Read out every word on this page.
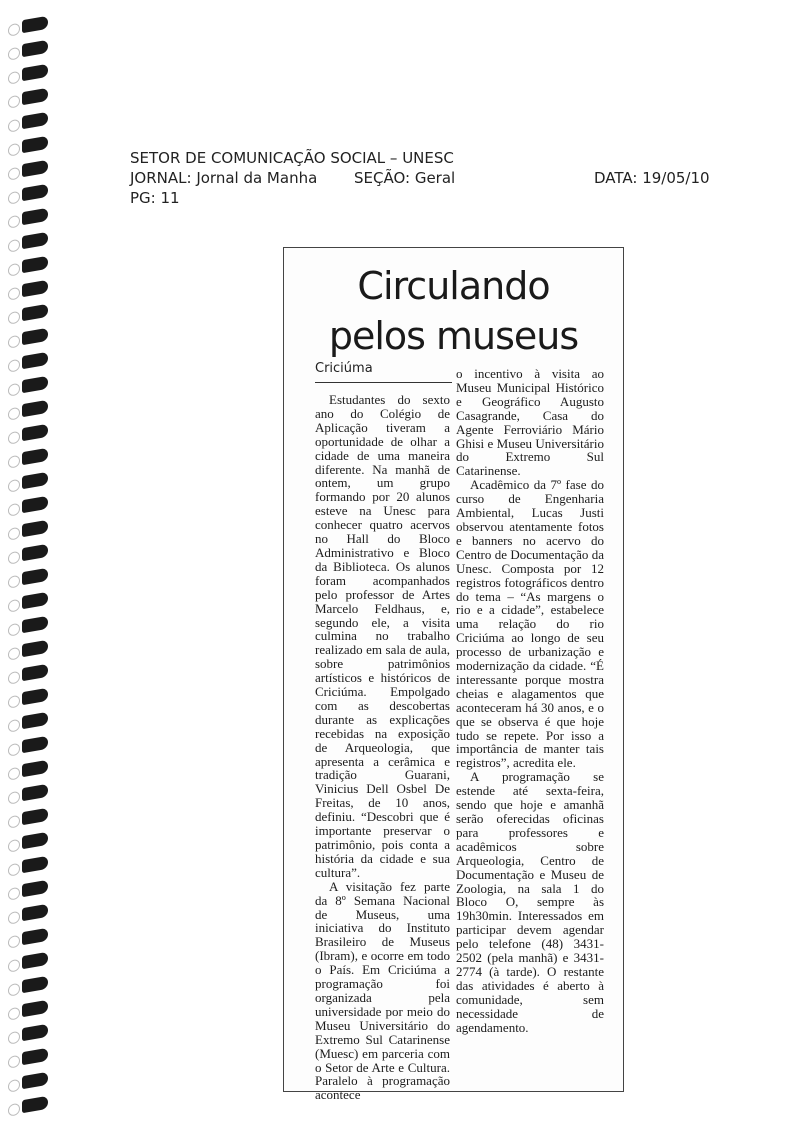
SETOR DE COMUNICAÇÃO SOCIAL – UNESC
JORNAL: Jornal da Manha SEÇÃO: Geral	DATA: 19/05/10
PG: 11
Circulando
pelos museus
Criciúma

Estudantes do sexto ano do Colégio de Aplicação tiveram a oportunidade de olhar a cidade de uma maneira diferente. Na manhã de ontem, um grupo formando por 20 alunos esteve na Unesc para conhecer quatro acervos no Hall do Bloco Administrativo e Bloco da Biblioteca. Os alunos foram acompanhados pelo professor de Artes Marcelo Feldhaus, e, segundo ele, a visita culmina no trabalho realizado em sala de aula, sobre patrimônios artísticos e históricos de Criciúma. Empolgado com as descobertas durante as explicações recebidas na exposição de Arqueologia, que apresenta a cerâmica e tradição Guarani, Vinicius Dell Osbel De Freitas, de 10 anos, definiu. “Descobri que é importante preservar o patrimônio, pois conta a história da cidade e sua cultura”.

A visitação fez parte da 8º Semana Nacional de Museus, uma iniciativa do Instituto Brasileiro de Museus (Ibram), e ocorre em todo o País. Em Criciúma a programação foi organizada pela universidade por meio do Museu Universitário do Extremo Sul Catarinense (Muesc) em parceria com o Setor de Arte e Cultura. Paralelo à programação acontece

o incentivo à visita ao Museu Municipal Histórico e Geográfico Augusto Casagrande, Casa do Agente Ferroviário Mário Ghisi e Museu Universitário do Extremo Sul Catarinense.

Acadêmico da 7º fase do curso de Engenharia Ambiental, Lucas Justi observou atentamente fotos e banners no acervo do Centro de Documentação da Unesc. Composta por 12 registros fotográficos dentro do tema – “As margens o rio e a cidade”, estabelece uma relação do rio Criciúma ao longo de seu processo de urbanização e modernização da cidade. “É interessante porque mostra cheias e alagamentos que aconteceram há 30 anos, e o que se observa é que hoje tudo se repete. Por isso a importância de manter tais registros”, acredita ele.

A programação se estende até sexta-feira, sendo que hoje e amanhã serão oferecidas oficinas para professores e acadêmicos sobre Arqueologia, Centro de Documentação e Museu de Zoologia, na sala 1 do Bloco O, sempre às 19h30min. Interessados em participar devem agendar pelo telefone (48) 3431-2502 (pela manhã) e 3431-2774 (à tarde). O restante das atividades é aberto à comunidade, sem necessidade de agendamento.
